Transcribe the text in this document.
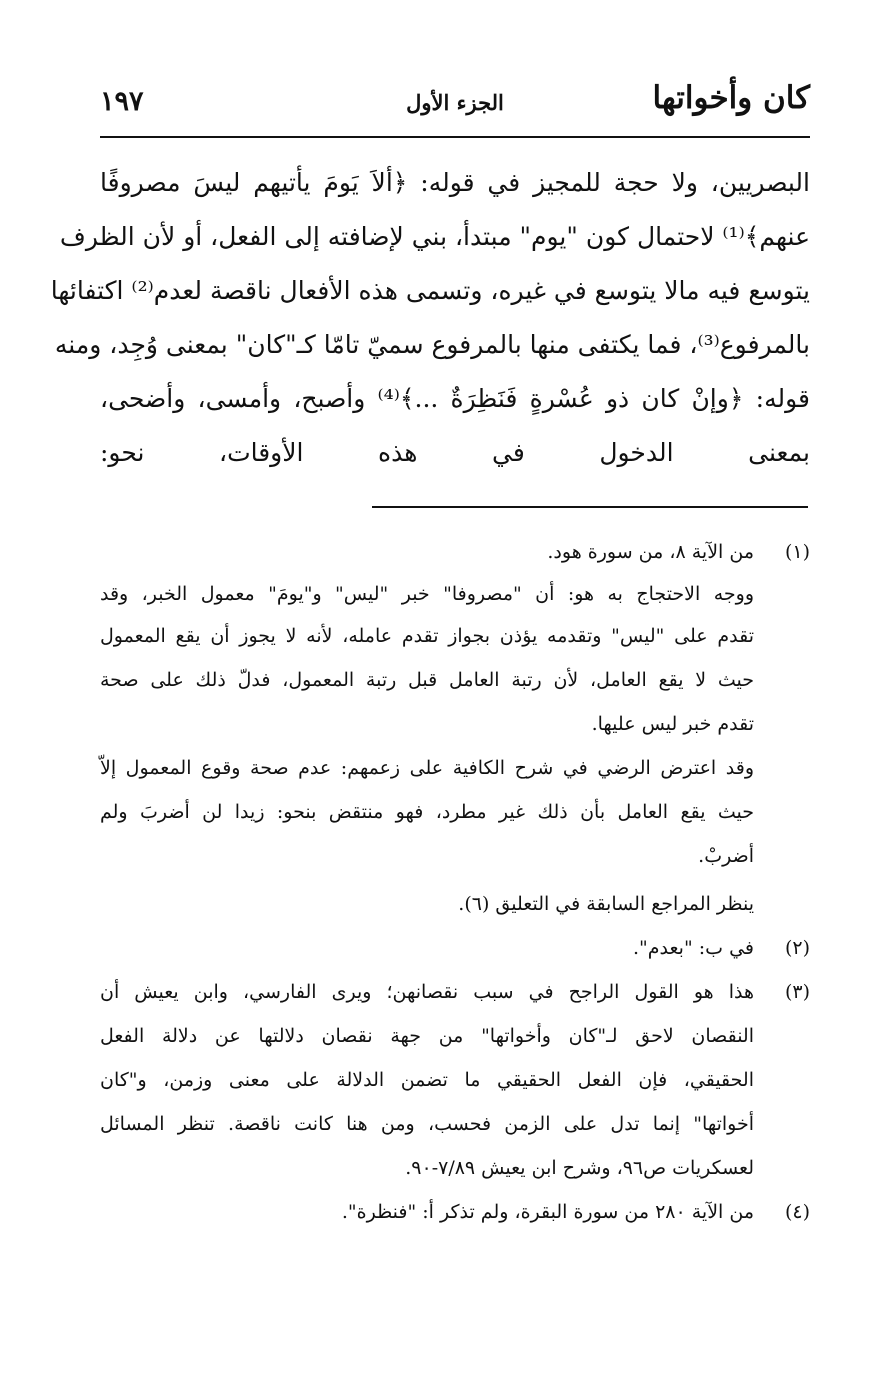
كان وأخواتها
الجزء الأول
١٩٧
البصريين، ولا حجة للمجيز في قوله: ﴿ألاَ يَومَ يأتيهم ليسَ مصروفًا
عنهم﴾⁽¹⁾ لاحتمال كون "يوم" مبتدأ، بني لإضافته إلى الفعل، أو لأن الظرف
يتوسع فيه مالا يتوسع في غيره، وتسمى هذه الأفعال ناقصة لعدم⁽²⁾ اكتفائها
بالمرفوع⁽³⁾، فما يكتفى منها بالمرفوع سميّ تامّا كـ"كان" بمعنى وُجِد، ومنه
قوله: ﴿وإنْ كان ذو عُسْرةٍ فَنَظِرَةٌ ...﴾⁽⁴⁾ وأصبح، وأمسى، وأضحى،
بمعنى الدخول في هذه الأوقات، نحو:
(١)
من الآية ٨، من سورة هود.
ووجه الاحتجاج به هو: أن "مصروفا" خبر "ليس" و"يومَ" معمول الخبر، وقد
تقدم على "ليس" وتقدمه يؤذن بجواز تقدم عامله، لأنه لا يجوز أن يقع المعمول
حيث لا يقع العامل، لأن رتبة العامل قبل رتبة المعمول، فدلّ ذلك على صحة
تقدم خبر ليس عليها.
وقد اعترض الرضي في شرح الكافية على زعمهم: عدم صحة وقوع المعمول إلاّ
حيث يقع العامل بأن ذلك غير مطرد، فهو منتقض بنحو: زيدا لن أضربَ ولم
أضربْ.
ينظر المراجع السابقة في التعليق (٦).
(٢)
في ب: "بعدم".
(٣)
هذا هو القول الراجح في سبب نقصانهن؛ ويرى الفارسي، وابن يعيش أن
النقصان لاحق لـ"كان وأخواتها" من جهة نقصان دلالتها عن دلالة الفعل
الحقيقي، فإن الفعل الحقيقي ما تضمن الدلالة على معنى وزمن، و"كان
أخواتها" إنما تدل على الزمن فحسب، ومن هنا كانت ناقصة. تنظر المسائل
لعسكريات ص٩٦، وشرح ابن يعيش ٧/٨٩-٩٠.
(٤)
من الآية ٢٨٠ من سورة البقرة، ولم تذكر أ: "فنظرة".
